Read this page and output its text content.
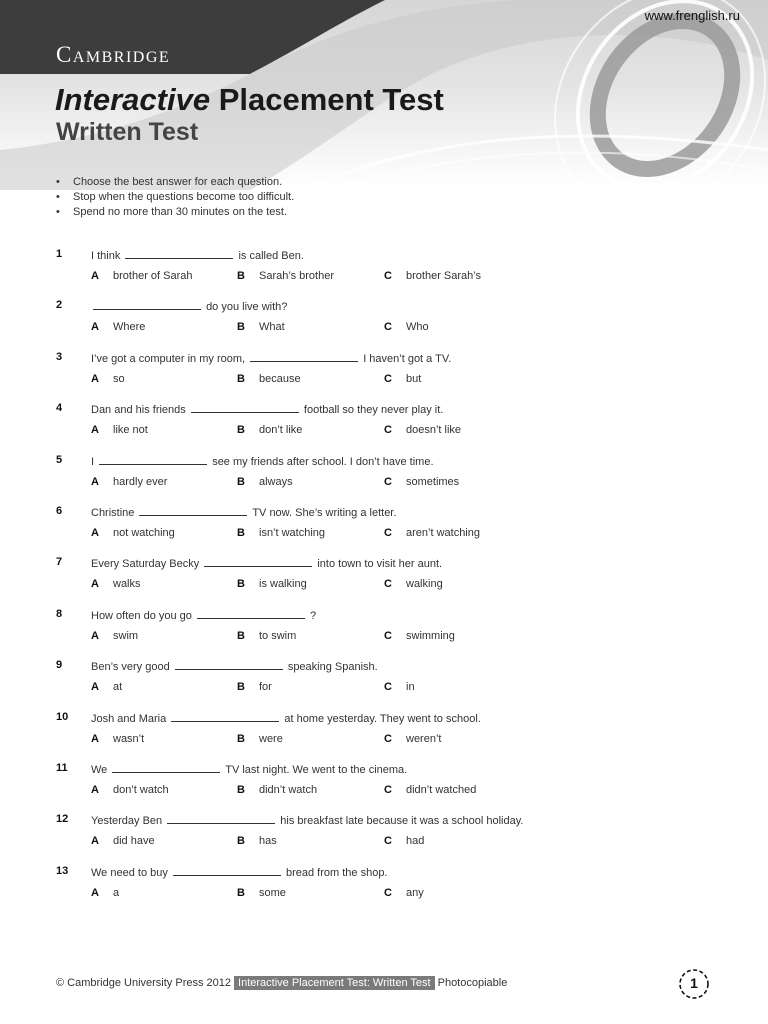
www.frenglish.ru
Cambridge
Interactive Placement Test
Written Test
• Choose the best answer for each question.
• Stop when the questions become too difficult.
• Spend no more than 30 minutes on the test.
1	I think	is called Ben.
A brother of Sarah	B Sarah’s brother	C brother Sarah’s
2	do you live with?
A Where	B What	C Who
3	I’ve got a computer in my room,	I haven’t got a TV.
A so	B because	C but
4	Dan and his friends	football so they never play it.
A like not	B don’t like	C doesn’t like
5	I	see my friends after school. I don’t have time.
A hardly ever	B always	C sometimes
6	Christine	TV now. She’s writing a letter.
A not watching	B isn’t watching	C aren’t watching
7	Every Saturday Becky	into town to visit her aunt.
A walks	B is walking	C walking
8	How often do you go	?
A swim	B to swim	C swimming
9	Ben’s very good	speaking Spanish.
A at	B for	C in
10 Josh and Maria	at home yesterday. They went to school.
A wasn’t	B were	C weren’t
11 We	TV last night. We went to the cinema.
A don’t watch	B didn’t watch	C didn’t watched
12 Yesterday Ben	his breakfast late because it was a school holiday.
A did have	B has	C had
13 We need to buy	bread from the shop.
A a	B some	C any
© Cambridge University Press 2012 Interactive Placement Test: Written Test Photocopiable	1
